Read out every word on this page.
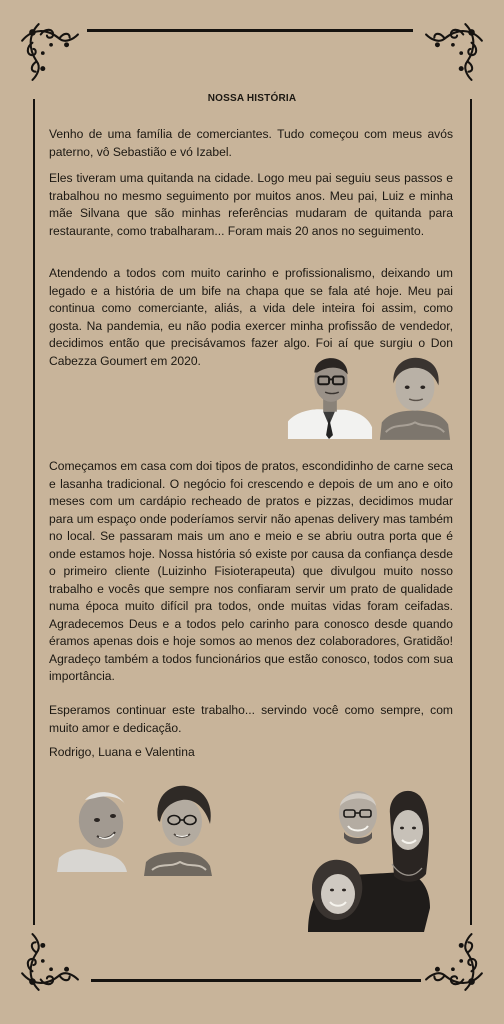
NOSSA HISTÓRIA

Venho de uma família de comerciantes. Tudo começou com meus avós paterno, vô Sebastião e vó Izabel.

Eles tiveram uma quitanda na cidade. Logo meu pai seguiu seus passos e trabalhou no mesmo seguimento por muitos anos. Meu pai, Luiz e minha mãe Silvana que são minhas referências mudaram de quitanda para restaurante, como trabalharam... Foram mais 20 anos no seguimento.

Atendendo a todos com muito carinho e profissionalismo, deixando um legado e a história de um bife na chapa que se fala até hoje. Meu pai continua como comerciante, aliás, a vida dele inteira foi assim, como gosta. Na pandemia, eu não podia exercer minha profissão de vendedor, decidimos então que precisávamos fazer algo. Foi aí que surgiu o Don Cabezza Goumert em 2020.

Começamos em casa com doi tipos de pratos, escondidinho de carne seca e lasanha tradicional. O negócio foi crescendo e depois de um ano e oito meses com um cardápio recheado de pratos e pizzas, decidimos mudar para um espaço onde poderíamos servir não apenas delivery mas também no local. Se passaram mais um ano e meio e se abriu outra porta que é onde estamos hoje. Nossa história só existe por causa da confiança desde o primeiro cliente (Luizinho Fisioterapeuta) que divulgou muito nosso trabalho e vocês que sempre nos confiaram servir um prato de qualidade numa época muito difícil pra todos, onde muitas vidas foram ceifadas. Agradecemos Deus e a todos pelo carinho para conosco desde quando éramos apenas dois e hoje somos ao menos dez colaboradores, Gratidão! Agradeço também a todos funcionários que estão conosco, todos com sua importância.

Esperamos continuar este trabalho... servindo você como sempre, com muito amor e dedicação.

Rodrigo, Luana e Valentina
